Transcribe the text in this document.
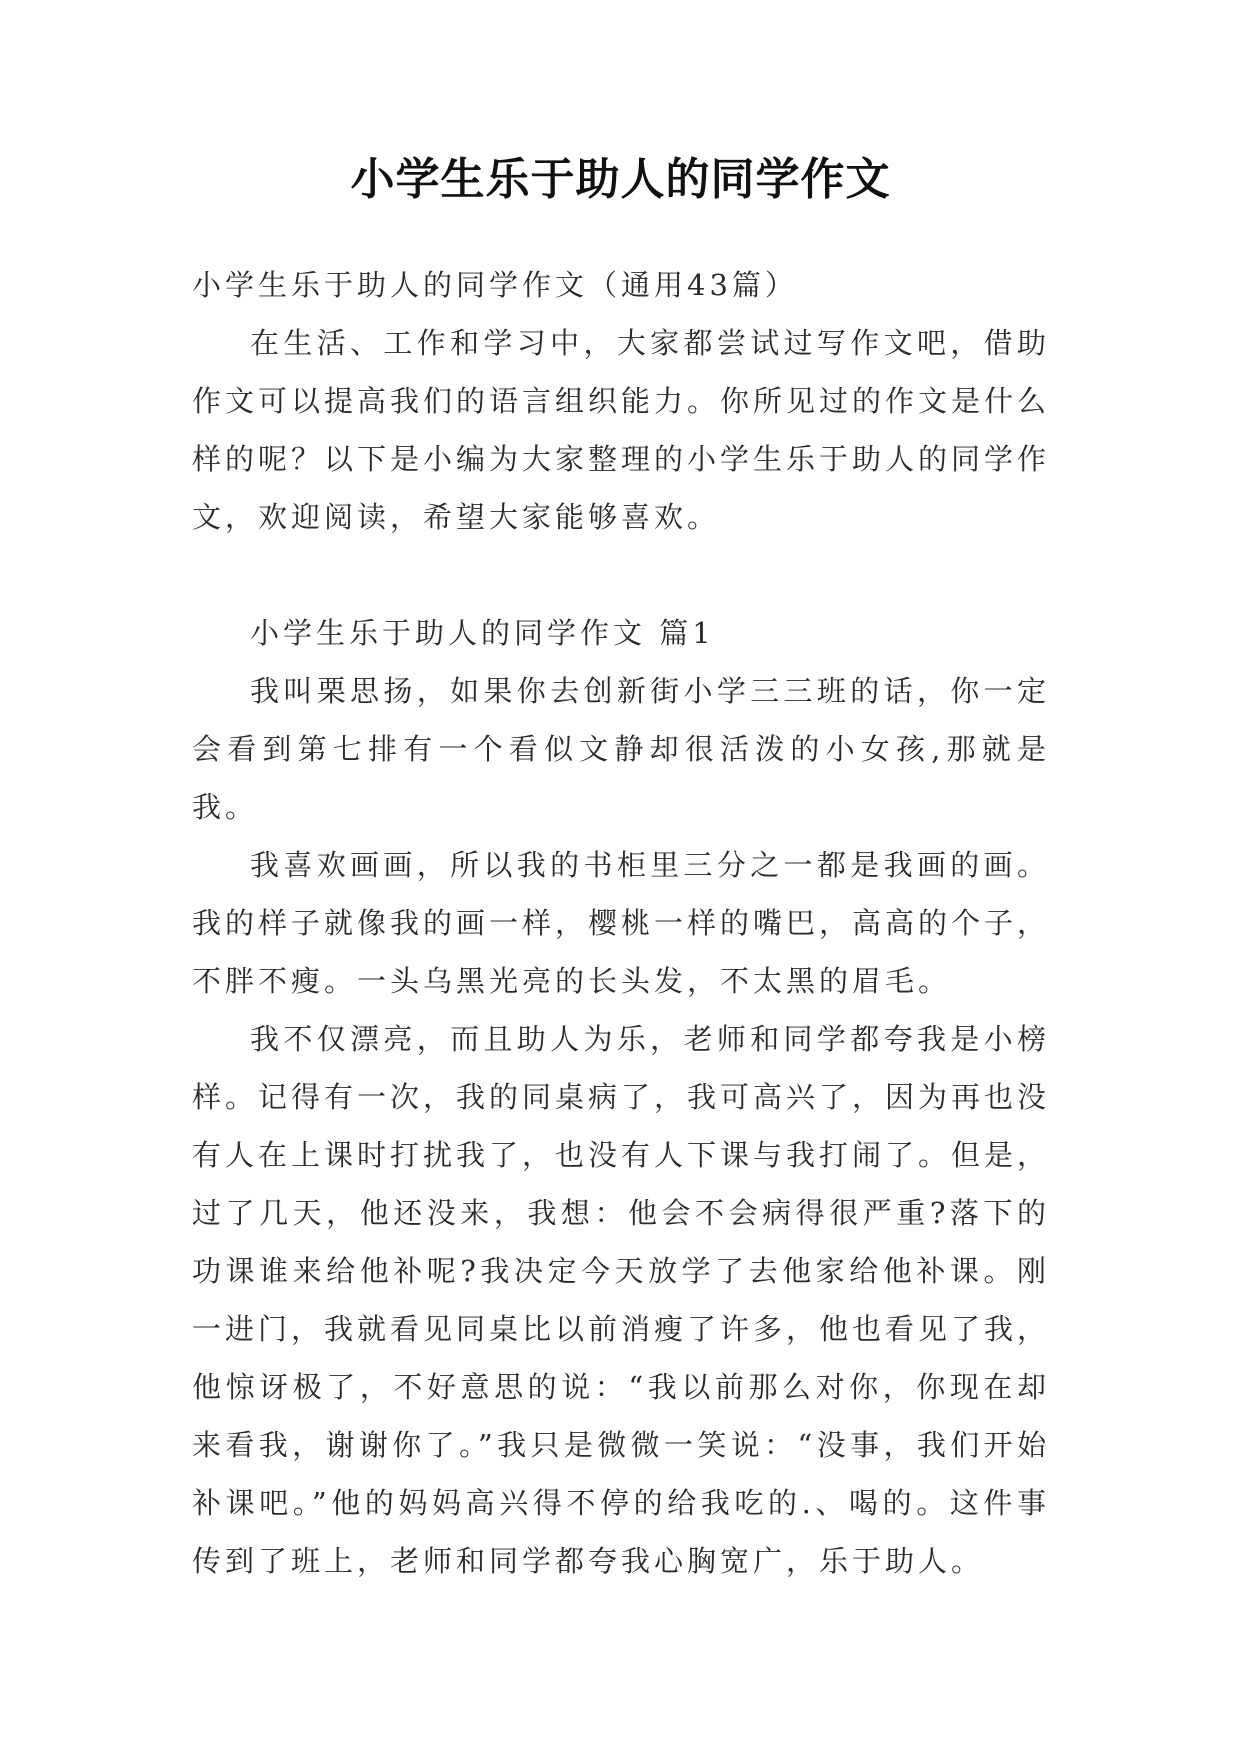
小学生乐于助人的同学作文

小学生乐于助人的同学作文（通用43篇）

在生活、工作和学习中，大家都尝试过写作文吧，借助作文可以提高我们的语言组织能力。你所见过的作文是什么样的呢？以下是小编为大家整理的小学生乐于助人的同学作文，欢迎阅读，希望大家能够喜欢。

小学生乐于助人的同学作文 篇1

我叫栗思扬，如果你去创新街小学三三班的话，你一定会看到第七排有一个看似文静却很活泼的小女孩,那就是我。

我喜欢画画，所以我的书柜里三分之一都是我画的画。我的样子就像我的画一样，樱桃一样的嘴巴，高高的个子，不胖不瘦。一头乌黑光亮的长头发，不太黑的眉毛。

我不仅漂亮，而且助人为乐，老师和同学都夸我是小榜样。记得有一次，我的同桌病了，我可高兴了，因为再也没有人在上课时打扰我了，也没有人下课与我打闹了。但是，过了几天，他还没来，我想：他会不会病得很严重?落下的功课谁来给他补呢?我决定今天放学了去他家给他补课。刚一进门，我就看见同桌比以前消瘦了许多，他也看见了我，他惊讶极了，不好意思的说：“我以前那么对你，你现在却来看我，谢谢你了。”我只是微微一笑说：“没事，我们开始补课吧。”他的妈妈高兴得不停的给我吃的.、喝的。这件事传到了班上，老师和同学都夸我心胸宽广，乐于助人。
